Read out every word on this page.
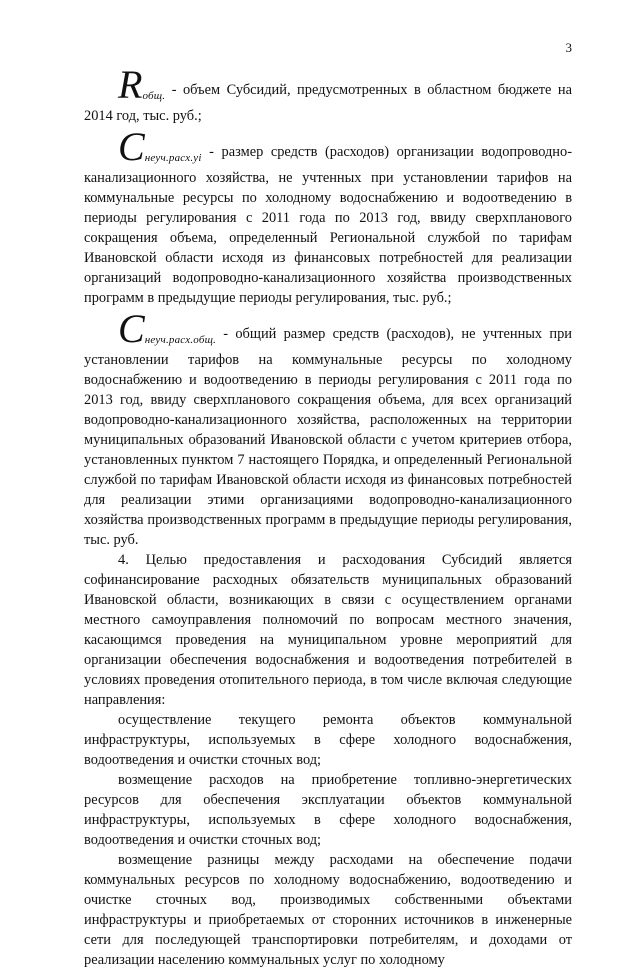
3

$R_{общ.}$ - объем Субсидий, предусмотренных в областном бюджете на 2014 год, тыс. руб.;

$C_{неуч.расх.уi}$ - размер средств (расходов) организации водопроводно-канализационного хозяйства, не учтенных при установлении тарифов на коммунальные ресурсы по холодному водоснабжению и водоотведению в периоды регулирования с 2011 года по 2013 год, ввиду сверхпланового сокращения объема, определенный Региональной службой по тарифам Ивановской области исходя из финансовых потребностей для реализации организаций водопроводно-канализационного хозяйства производственных программ в предыдущие периоды регулирования, тыс. руб.;

$C_{неуч.расх.общ.}$ - общий размер средств (расходов), не учтенных при установлении тарифов на коммунальные ресурсы по холодному водоснабжению и водоотведению в периоды регулирования с 2011 года по 2013 год, ввиду сверхпланового сокращения объема, для всех организаций водопроводно-канализационного хозяйства, расположенных на территории муниципальных образований Ивановской области с учетом критериев отбора, установленных пунктом 7 настоящего Порядка, и определенный Региональной службой по тарифам Ивановской области исходя из финансовых потребностей для реализации этими организациями водопроводно-канализационного хозяйства производственных программ в предыдущие периоды регулирования, тыс. руб.

4. Целью предоставления и расходования Субсидий является софинансирование расходных обязательств муниципальных образований Ивановской области, возникающих в связи с осуществлением органами местного самоуправления полномочий по вопросам местного значения, касающимся проведения на муниципальном уровне мероприятий для организации обеспечения водоснабжения и водоотведения потребителей в условиях проведения отопительного периода, в том числе включая следующие направления:

осуществление текущего ремонта объектов коммунальной инфраструктуры, используемых в сфере холодного водоснабжения, водоотведения и очистки сточных вод;

возмещение расходов на приобретение топливно-энергетических ресурсов для обеспечения эксплуатации объектов коммунальной инфраструктуры, используемых в сфере холодного водоснабжения, водоотведения и очистки сточных вод;

возмещение разницы между расходами на обеспечение подачи коммунальных ресурсов по холодному водоснабжению, водоотведению и очистке сточных вод, производимых собственными объектами инфраструктуры и приобретаемых от сторонних источников в инженерные сети для последующей транспортировки потребителям, и доходами от реализации населению коммунальных услуг по холодному
